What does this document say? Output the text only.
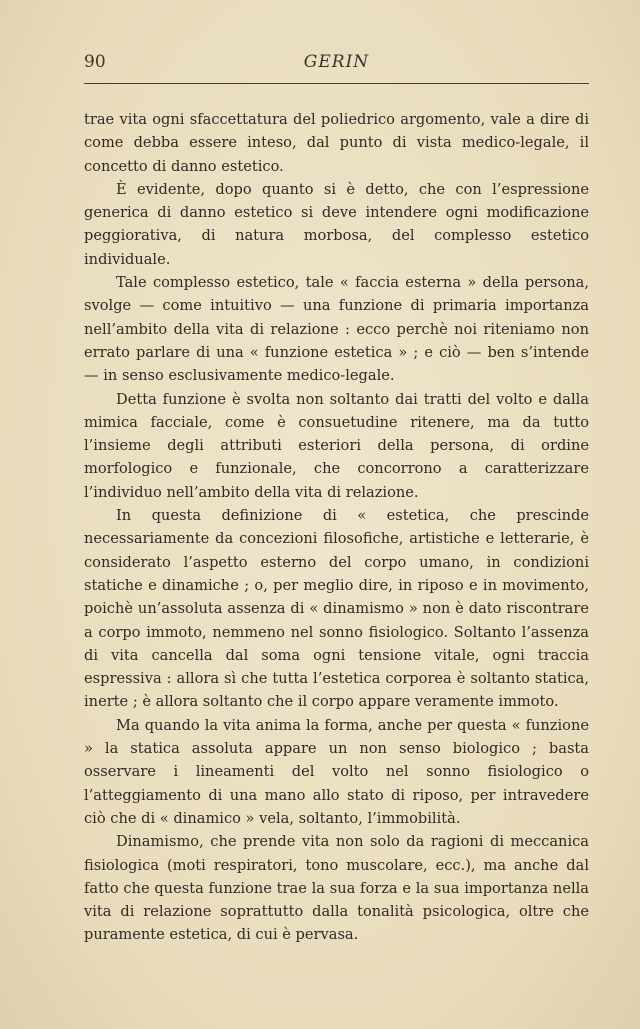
90	GERIN

trae vita ogni sfaccettatura del poliedrico argomento, vale a dire di come debba essere inteso, dal punto di vista medico-legale, il concetto di danno estetico.

È evidente, dopo quanto si è detto, che con l’espressione generica di danno estetico si deve intendere ogni modificazione peggiorativa, di natura morbosa, del complesso estetico individuale.

Tale complesso estetico, tale « faccia esterna » della persona, svolge — come intuitivo — una funzione di primaria importanza nell’ambito della vita di relazione : ecco perchè noi riteniamo non errato parlare di una « funzione estetica » ; e ciò — ben s’intende — in senso esclusivamente medico-legale.

Detta funzione è svolta non soltanto dai tratti del volto e dalla mimica facciale, come è consuetudine ritenere, ma da tutto l’insieme degli attributi esteriori della persona, di ordine morfologico e funzionale, che concorrono a caratterizzare l’individuo nell’ambito della vita di relazione.

In questa definizione di « estetica, che prescinde necessariamente da concezioni filosofiche, artistiche e letterarie, è considerato l’aspetto esterno del corpo umano, in condizioni statiche e dinamiche ; o, per meglio dire, in riposo e in movimento, poichè un’assoluta assenza di « dinamismo » non è dato riscontrare a corpo immoto, nemmeno nel sonno fisiologico. Soltanto l’assenza di vita cancella dal soma ogni tensione vitale, ogni traccia espressiva : allora sì che tutta l’estetica corporea è soltanto statica, inerte ; è allora soltanto che il corpo appare veramente immoto.

Ma quando la vita anima la forma, anche per questa « funzione » la statica assoluta appare un non senso biologico ; basta osservare i lineamenti del volto nel sonno fisiologico o l’atteggiamento di una mano allo stato di riposo, per intravedere ciò che di « dinamico » vela, soltanto, l’immobilità.

Dinamismo, che prende vita non solo da ragioni di meccanica fisiologica (moti respiratori, tono muscolare, ecc.), ma anche dal fatto che questa funzione trae la sua forza e la sua importanza nella vita di relazione soprattutto dalla tonalità psicologica, oltre che puramente estetica, di cui è pervasa.
